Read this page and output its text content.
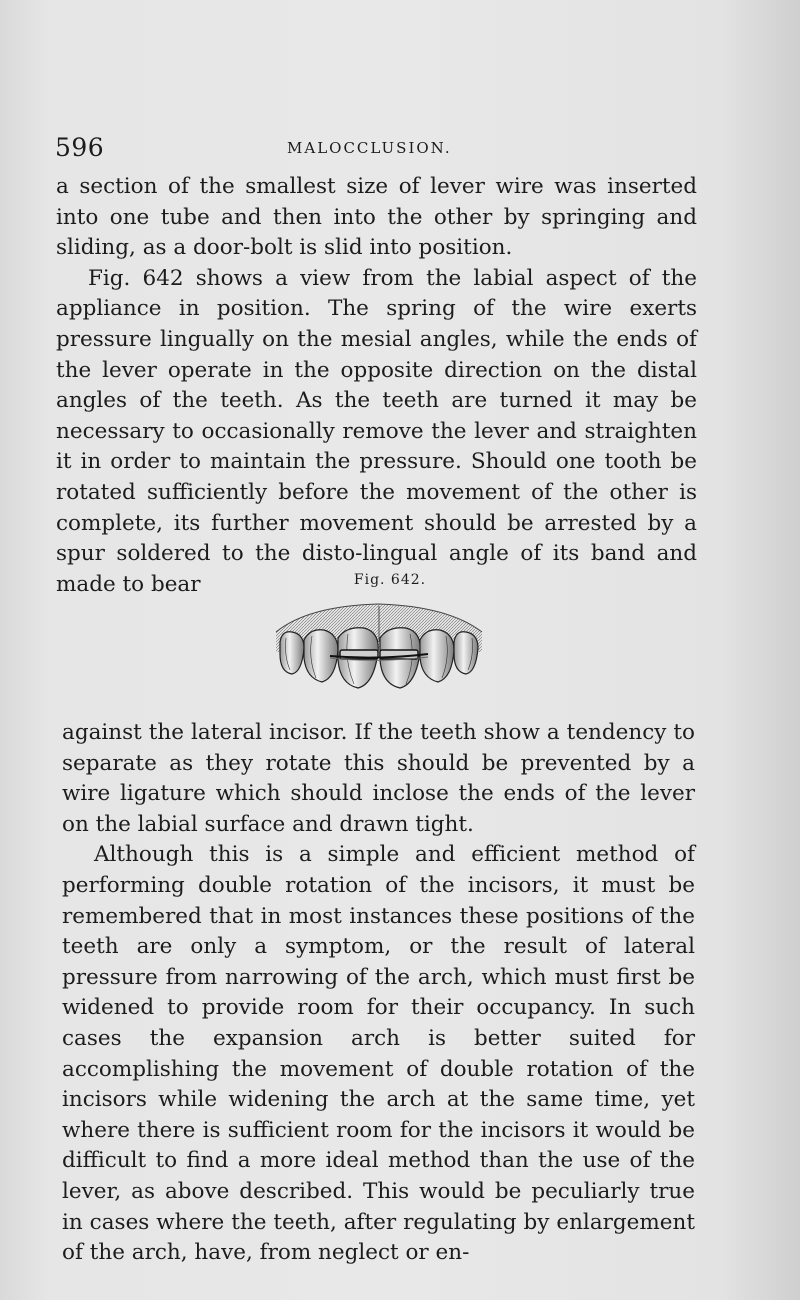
596	MALOCCLUSION.

a section of the smallest size of lever wire was inserted into one tube and then into the other by springing and sliding, as a door-bolt is slid into position.

Fig. 642 shows a view from the labial aspect of the appliance in position. The spring of the wire exerts pressure lingually on the mesial angles, while the ends of the lever operate in the opposite direction on the distal angles of the teeth. As the teeth are turned it may be necessary to occasionally remove the lever and straighten it in order to maintain the pressure. Should one tooth be rotated sufficiently before the movement of the other is complete, its further movement should be arrested by a spur soldered to the disto-lingual angle of its band and made to bear	Fig. 642.

against the lateral incisor. If the teeth show a tendency to separate as they rotate this should be prevented by a wire ligature which should inclose the ends of the lever on the labial surface and drawn tight.

Although this is a simple and efficient method of performing double rotation of the incisors, it must be remembered that in most instances these positions of the teeth are only a symptom, or the result of lateral pressure from narrowing of the arch, which must first be widened to provide room for their occupancy. In such cases the expansion arch is better suited for accomplishing the movement of double rotation of the incisors while widening the arch at the same time, yet where there is sufficient room for the incisors it would be difficult to find a more ideal method than the use of the lever, as above described. This would be peculiarly true in cases where the teeth, after regulating by enlargement of the arch, have, from neglect or en-
